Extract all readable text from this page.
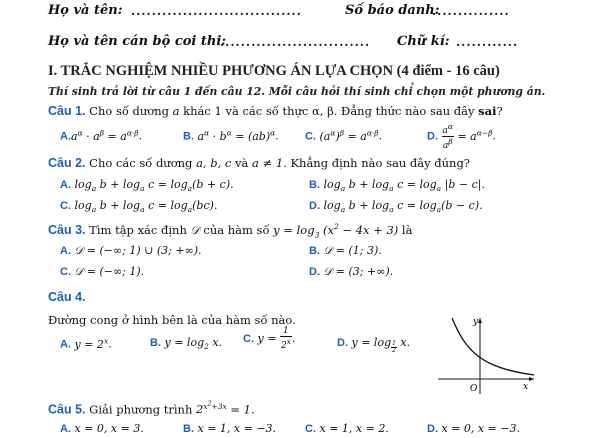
Họ và tên: .................................	Số báo danh:
...............
Họ và tên cán bộ coi thi:
............................. Chữ kí: ............
I. TRẮC NGHIỆM NHIỀU PHƯƠNG ÁN LỰA CHỌN (4 điểm - 16 câu)
Thí sinh trả lời từ câu 1 đến câu 12. Mỗi câu hỏi thí sinh chỉ chọn một phương án.
Câu 1. Cho số dương a khác 1 và các số thực α, β. Đẳng thức nào sau đây sai?
$A.a^\alpha \cdot a^\beta = a^{\alpha\cdot\beta}$.	B. $a^\alpha \cdot b^\alpha = (ab)^\alpha$. C. $(a^\alpha)^\beta = a^{\alpha\cdot\beta}$.	D. $\frac{a^\alpha}{a^\beta} = a^{\alpha-\beta}$.
Câu 2. Cho các số dương a, b, c và a ≠ 1. Khẳng định nào sau đây đúng?
A. $\log_a b + \log_a c = \log_a(b + c)$.	B. $\log_a b + \log_a c = \log_a |b - c|$.
C. $\log_a b + \log_a c = \log_a(bc)$.	D. $\log_a b + \log_a c = \log_a(b - c)$.
Câu 3. Tìm tập xác định 𝒟 của hàm số $y = \log_3 (x^2 - 4x + 3)$ là
A. 𝒟 = (−∞; 1) ∪ (3; +∞).	B. 𝒟 = (1; 3).
C. 𝒟 = (−∞; 1).	D. 𝒟 = (3; +∞).
Câu 4.
Đường cong ở hình bên là của hàm số nào.
A. $y = 2^x$.	B. $y = \log_2 x$. C. $y = \frac{1}{2^x}$ .	D. y = log $_{\frac{1}{2}}$ x.
y
x
O
Câu 5. Giải phương trình $2^{x^2+3x} = 1$.
A. x = 0, x = 3.	B. x = 1, x = −3.	C. x = 1, x = 2.	D. x = 0, x = −3.
